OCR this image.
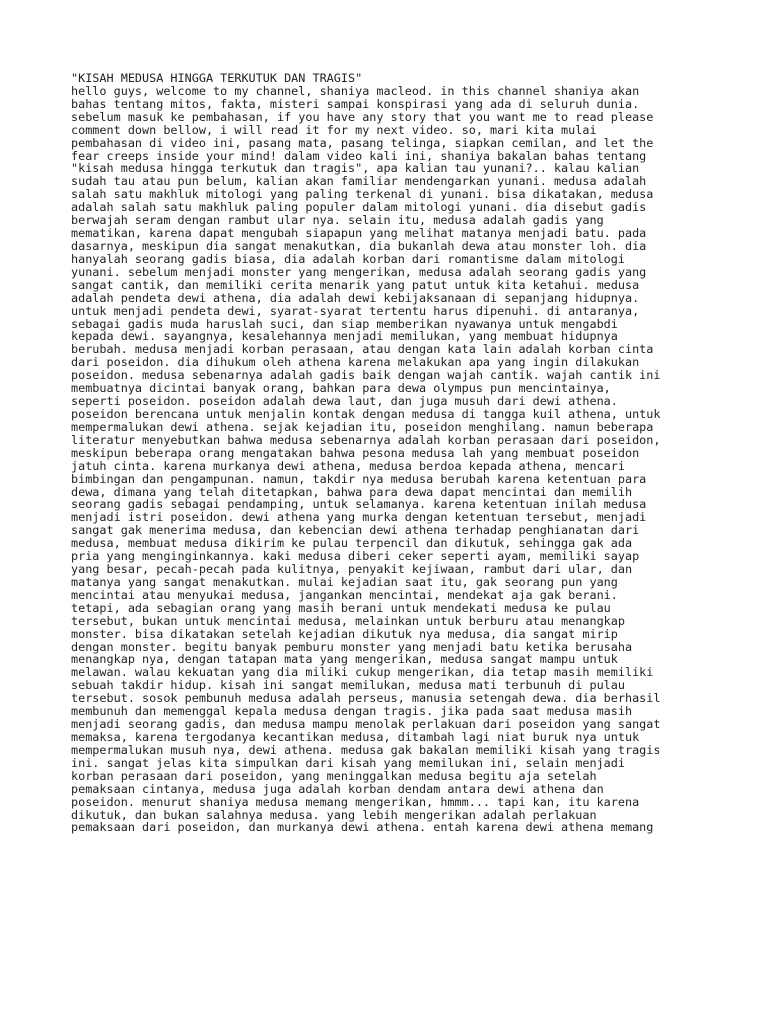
"KISAH MEDUSA HINGGA TERKUTUK DAN TRAGIS"
hello guys, welcome to my channel, shaniya macleod. in this channel shaniya akan
bahas tentang mitos, fakta, misteri sampai konspirasi yang ada di seluruh dunia.
sebelum masuk ke pembahasan, if you have any story that you want me to read please
comment down bellow, i will read it for my next video. so, mari kita mulai
pembahasan di video ini, pasang mata, pasang telinga, siapkan cemilan, and let the
fear creeps inside your mind! dalam video kali ini, shaniya bakalan bahas tentang
"kisah medusa hingga terkutuk dan tragis", apa kalian tau yunani?.. kalau kalian
sudah tau atau pun belum, kalian akan familiar mendengarkan yunani. medusa adalah
salah satu makhluk mitologi yang paling terkenal di yunani. bisa dikatakan, medusa
adalah salah satu makhluk paling populer dalam mitologi yunani. dia disebut gadis
berwajah seram dengan rambut ular nya. selain itu, medusa adalah gadis yang
mematikan, karena dapat mengubah siapapun yang melihat matanya menjadi batu. pada
dasarnya, meskipun dia sangat menakutkan, dia bukanlah dewa atau monster loh. dia
hanyalah seorang gadis biasa, dia adalah korban dari romantisme dalam mitologi
yunani. sebelum menjadi monster yang mengerikan, medusa adalah seorang gadis yang
sangat cantik, dan memiliki cerita menarik yang patut untuk kita ketahui. medusa
adalah pendeta dewi athena, dia adalah dewi kebijaksanaan di sepanjang hidupnya.
untuk menjadi pendeta dewi, syarat-syarat tertentu harus dipenuhi. di antaranya,
sebagai gadis muda haruslah suci, dan siap memberikan nyawanya untuk mengabdi
kepada dewi. sayangnya, kesalehannya menjadi memilukan, yang membuat hidupnya
berubah. medusa menjadi korban perasaan, atau dengan kata lain adalah korban cinta
dari poseidon. dia dihukum oleh athena karena melakukan apa yang ingin dilakukan
poseidon. medusa sebenarnya adalah gadis baik dengan wajah cantik. wajah cantik ini
membuatnya dicintai banyak orang, bahkan para dewa olympus pun mencintainya,
seperti poseidon. poseidon adalah dewa laut, dan juga musuh dari dewi athena.
poseidon berencana untuk menjalin kontak dengan medusa di tangga kuil athena, untuk
mempermalukan dewi athena. sejak kejadian itu, poseidon menghilang. namun beberapa
literatur menyebutkan bahwa medusa sebenarnya adalah korban perasaan dari poseidon,
meskipun beberapa orang mengatakan bahwa pesona medusa lah yang membuat poseidon
jatuh cinta. karena murkanya dewi athena, medusa berdoa kepada athena, mencari
bimbingan dan pengampunan. namun, takdir nya medusa berubah karena ketentuan para
dewa, dimana yang telah ditetapkan, bahwa para dewa dapat mencintai dan memilih
seorang gadis sebagai pendamping, untuk selamanya. karena ketentuan inilah medusa
menjadi istri poseidon. dewi athena yang murka dengan ketentuan tersebut, menjadi
sangat gak menerima medusa, dan kebencian dewi athena terhadap penghianatan dari
medusa, membuat medusa dikirim ke pulau terpencil dan dikutuk, sehingga gak ada
pria yang menginginkannya. kaki medusa diberi ceker seperti ayam, memiliki sayap
yang besar, pecah-pecah pada kulitnya, penyakit kejiwaan, rambut dari ular, dan
matanya yang sangat menakutkan. mulai kejadian saat itu, gak seorang pun yang
mencintai atau menyukai medusa, jangankan mencintai, mendekat aja gak berani.
tetapi, ada sebagian orang yang masih berani untuk mendekati medusa ke pulau
tersebut, bukan untuk mencintai medusa, melainkan untuk berburu atau menangkap
monster. bisa dikatakan setelah kejadian dikutuk nya medusa, dia sangat mirip
dengan monster. begitu banyak pemburu monster yang menjadi batu ketika berusaha
menangkap nya, dengan tatapan mata yang mengerikan, medusa sangat mampu untuk
melawan. walau kekuatan yang dia miliki cukup mengerikan, dia tetap masih memiliki
sebuah takdir hidup. kisah ini sangat memilukan, medusa mati terbunuh di pulau
tersebut. sosok pembunuh medusa adalah perseus, manusia setengah dewa. dia berhasil
membunuh dan memenggal kepala medusa dengan tragis. jika pada saat medusa masih
menjadi seorang gadis, dan medusa mampu menolak perlakuan dari poseidon yang sangat
memaksa, karena tergodanya kecantikan medusa, ditambah lagi niat buruk nya untuk
mempermalukan musuh nya, dewi athena. medusa gak bakalan memiliki kisah yang tragis
ini. sangat jelas kita simpulkan dari kisah yang memilukan ini, selain menjadi
korban perasaan dari poseidon, yang meninggalkan medusa begitu aja setelah
pemaksaan cintanya, medusa juga adalah korban dendam antara dewi athena dan
poseidon. menurut shaniya medusa memang mengerikan, hmmm... tapi kan, itu karena
dikutuk, dan bukan salahnya medusa. yang lebih mengerikan adalah perlakuan
pemaksaan dari poseidon, dan murkanya dewi athena. entah karena dewi athena memang
